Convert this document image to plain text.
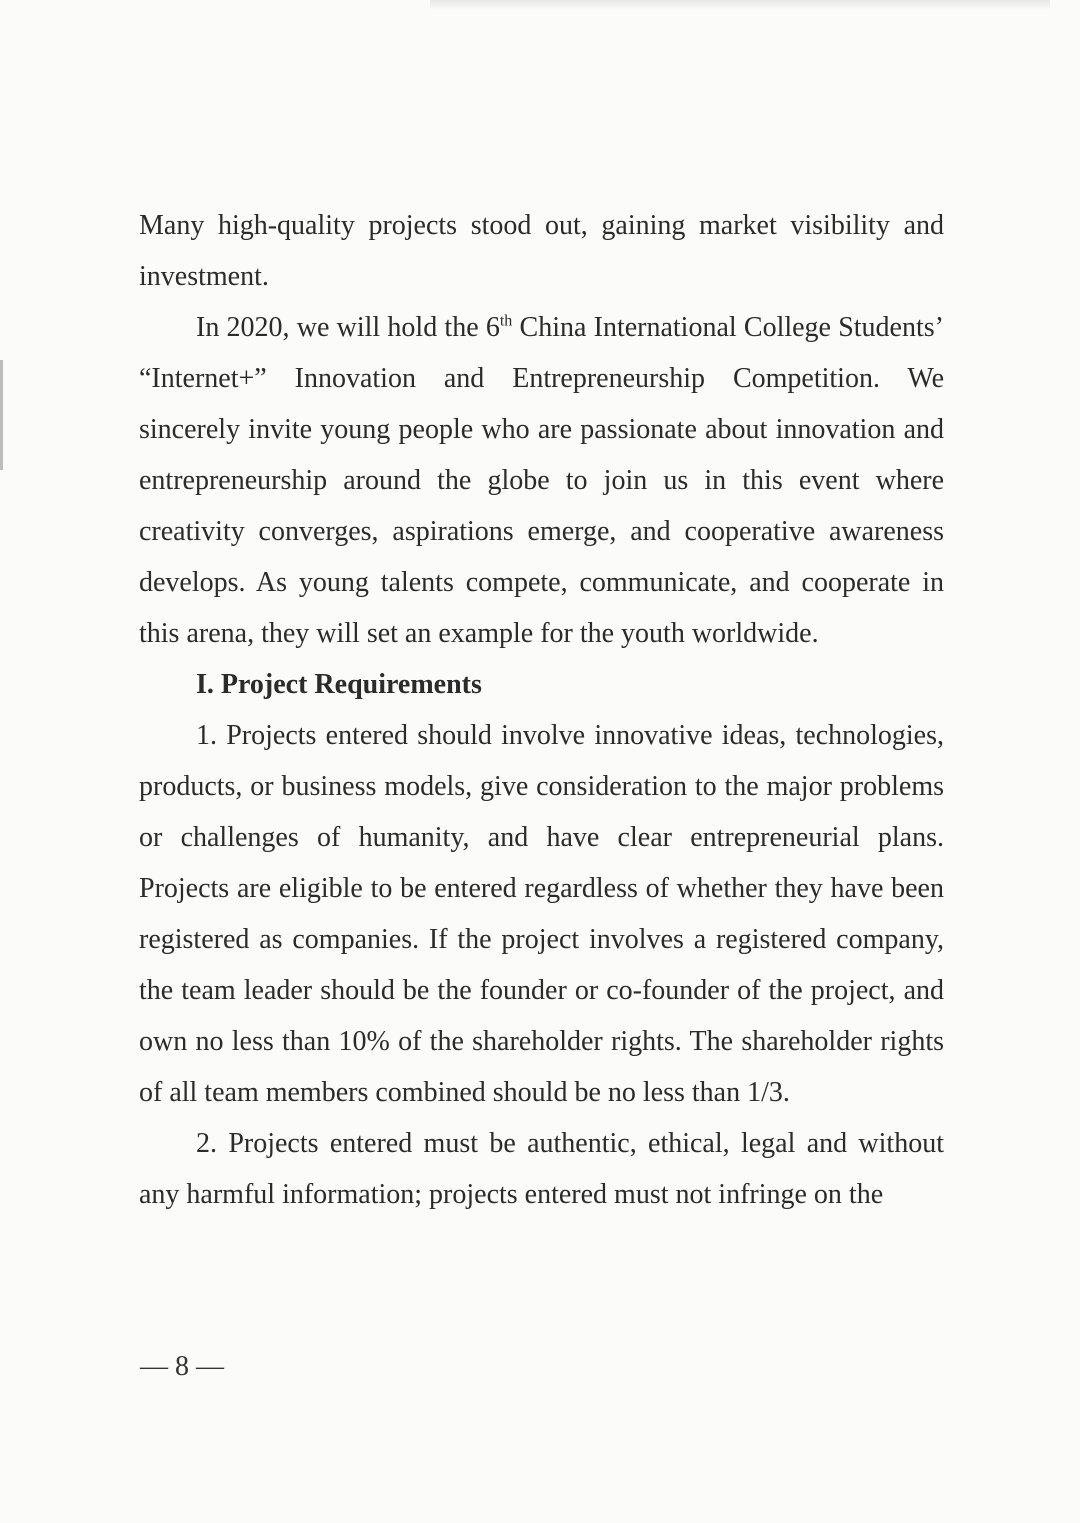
Many high-quality projects stood out, gaining market visibility and investment.

In 2020, we will hold the 6th China International College Students’ “Internet+” Innovation and Entrepreneurship Competition. We sincerely invite young people who are passionate about innovation and entrepreneurship around the globe to join us in this event where creativity converges, aspirations emerge, and cooperative awareness develops. As young talents compete, communicate, and cooperate in this arena, they will set an example for the youth worldwide.

I. Project Requirements

1. Projects entered should involve innovative ideas, technologies, products, or business models, give consideration to the major problems or challenges of humanity, and have clear entrepreneurial plans. Projects are eligible to be entered regardless of whether they have been registered as companies. If the project involves a registered company, the team leader should be the founder or co-founder of the project, and own no less than 10% of the shareholder rights. The shareholder rights of all team members combined should be no less than 1/3.

2. Projects entered must be authentic, ethical, legal and without any harmful information; projects entered must not infringe on the

— 8 —
